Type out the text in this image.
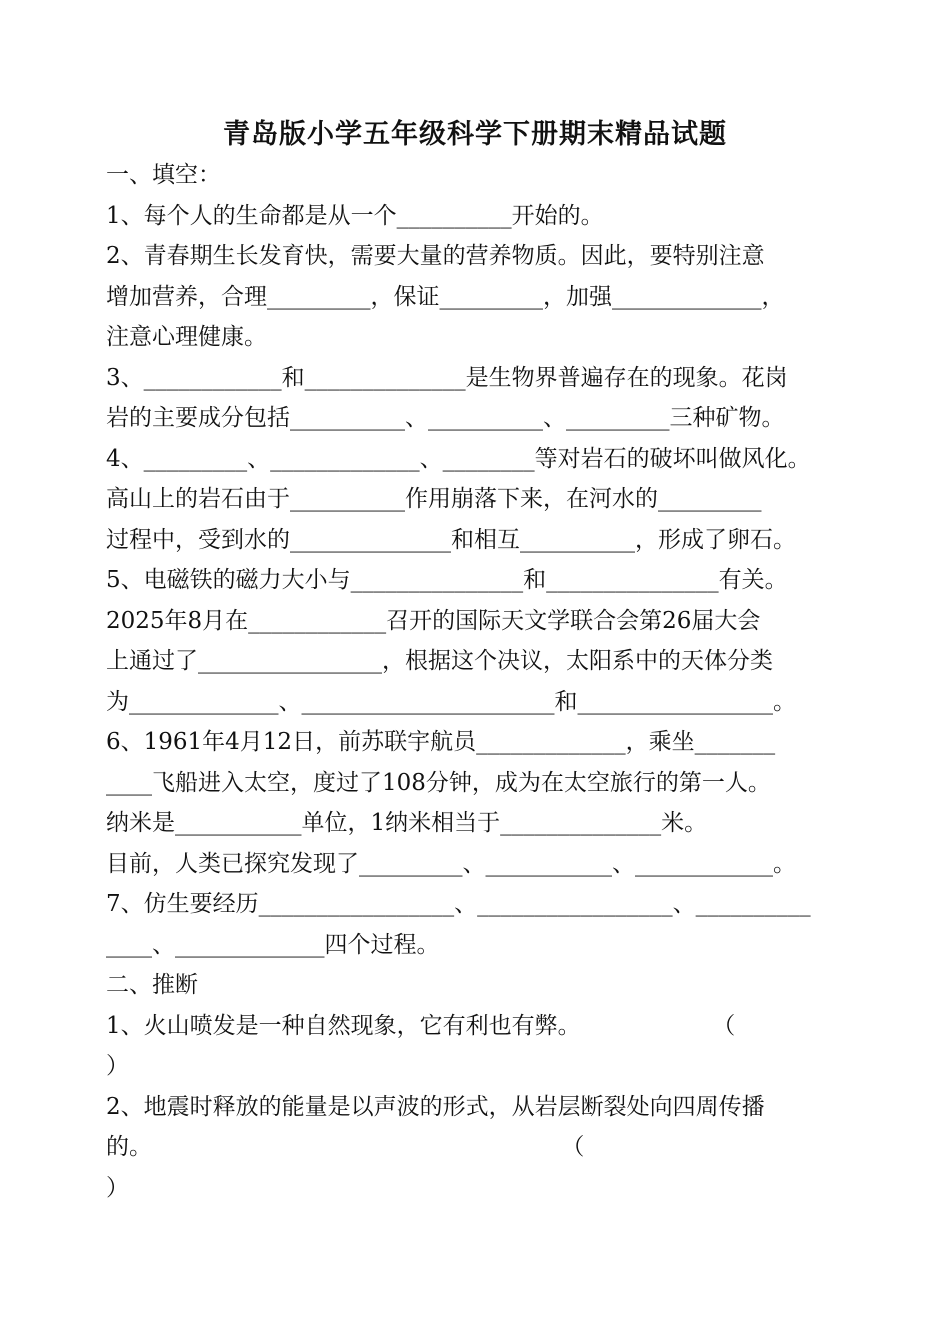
青岛版小学五年级科学下册期末精品试题
一、填空：
1、每个人的生命都是从一个__________开始的。
2、青春期生长发育快，需要大量的营养物质。因此，要特别注意
增加营养，合理_________，保证_________，加强_____________，
注意心理健康。
3、____________和______________是生物界普遍存在的现象。花岗
岩的主要成分包括__________、__________、_________三种矿物。
4、_________、_____________、________等对岩石的破坏叫做风化。
高山上的岩石由于__________作用崩落下来，在河水的_________
过程中，受到水的______________和相互__________，形成了卵石。
5、电磁铁的磁力大小与_______________和_______________有关。
2025年8月在____________召开的国际天文学联合会第26届大会
上通过了________________，根据这个决议，太阳系中的天体分类
为_____________、______________________和_________________。
6、1961年4月12日，前苏联宇航员_____________，乘坐_______
____飞船进入太空，度过了108分钟，成为在太空旅行的第一人。
纳米是___________单位，1纳米相当于______________米。
目前，人类已探究发现了_________、___________、____________。
7、仿生要经历_________________、_________________、__________
____、_____________四个过程。
二、推断
1、火山喷发是一种自然现象，它有利也有弊。                  （
）
2、地震时释放的能量是以声波的形式，从岩层断裂处向四周传播
的。                                                        （
）
